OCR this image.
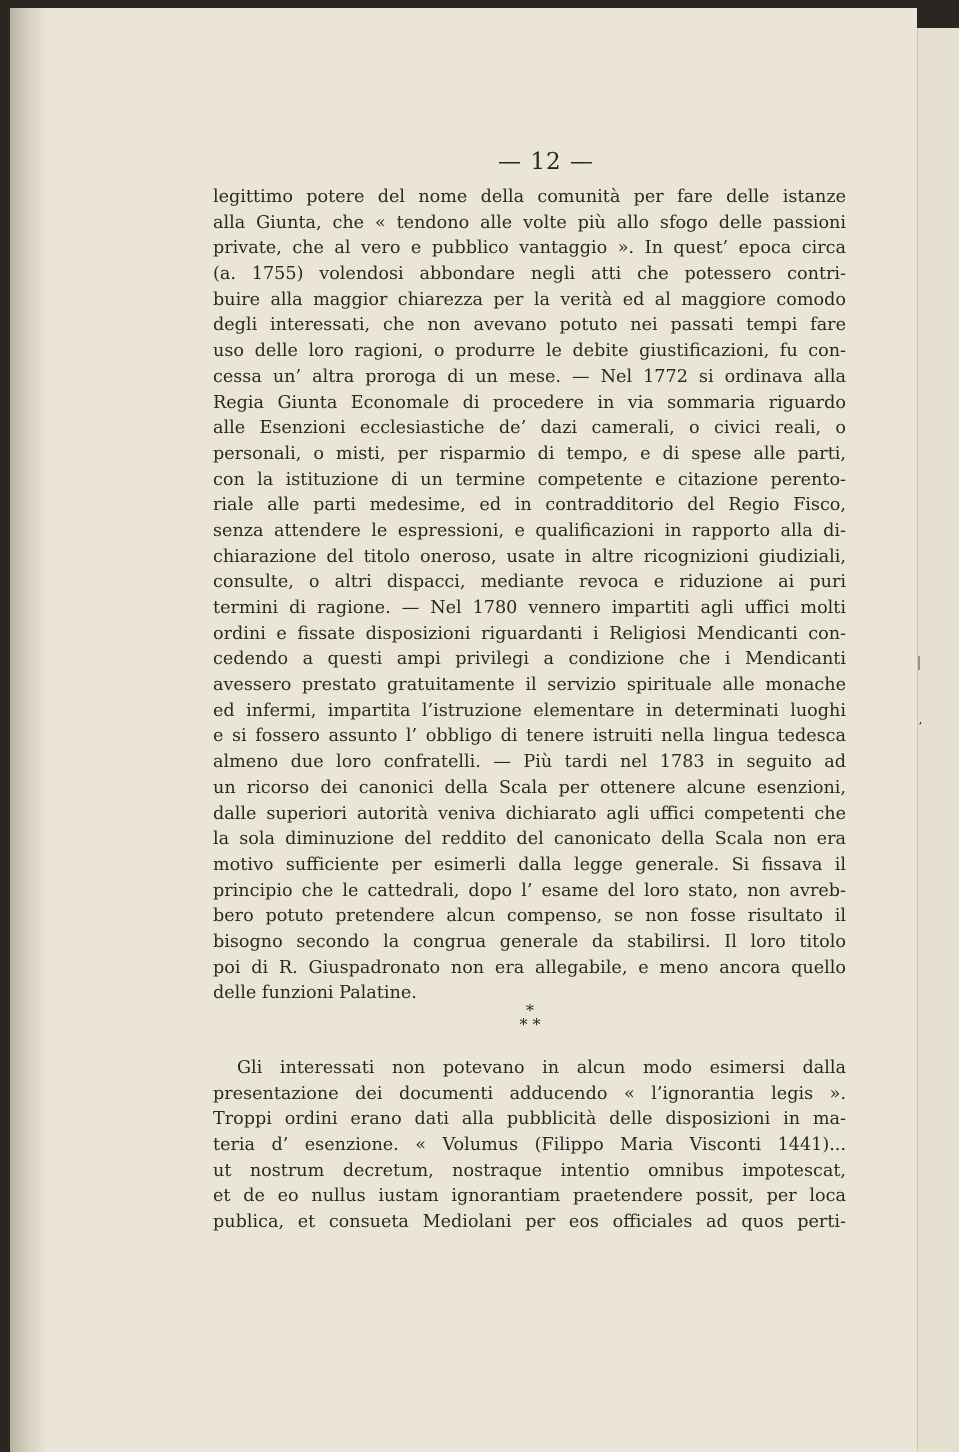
— 12 —
legittimo potere del nome della comunità per fare delle istanze
alla Giunta, che « tendono alle volte più allo sfogo delle passioni
private, che al vero e pubblico vantaggio ». In quest’ epoca circa
(a. 1755) volendosi abbondare negli atti che potessero contri-
buire alla maggior chiarezza per la verità ed al maggiore comodo
degli interessati, che non avevano potuto nei passati tempi fare
uso delle loro ragioni, o produrre le debite giustificazioni, fu con-
cessa un’ altra proroga di un mese. — Nel 1772 si ordinava alla
Regia Giunta Economale di procedere in via sommaria riguardo
alle Esenzioni ecclesiastiche de’ dazi camerali, o civici reali, o
personali, o misti, per risparmio di tempo, e di spese alle parti,
con la istituzione di un termine competente e citazione perento-
riale alle parti medesime, ed in contradditorio del Regio Fisco,
senza attendere le espressioni, e qualificazioni in rapporto alla di-
chiarazione del titolo oneroso, usate in altre ricognizioni giudiziali,
consulte, o altri dispacci, mediante revoca e riduzione ai puri
termini di ragione. — Nel 1780 vennero impartiti agli uffici molti
ordini e fissate disposizioni riguardanti i Religiosi Mendicanti con-
cedendo a questi ampi privilegi a condizione che i Mendicanti
avessero prestato gratuitamente il servizio spirituale alle monache
ed infermi, impartita l’istruzione elementare in determinati luoghi
e si fossero assunto l’ obbligo di tenere istruiti nella lingua tedesca
almeno due loro confratelli. — Più tardi nel 1783 in seguito ad
un ricorso dei canonici della Scala per ottenere alcune esenzioni,
dalle superiori autorità veniva dichiarato agli uffici competenti che
la sola diminuzione del reddito del canonicato della Scala non era
motivo sufficiente per esimerli dalla legge generale. Si fissava il
principio che le cattedrali, dopo l’ esame del loro stato, non avreb-
bero potuto pretendere alcun compenso, se non fosse risultato il
bisogno secondo la congrua generale da stabilirsi. Il loro titolo
poi di R. Giuspadronato non era allegabile, e meno ancora quello
delle funzioni Palatine.
*
* *
Gli interessati non potevano in alcun modo esimersi dalla
presentazione dei documenti adducendo « l’ignorantia legis ».
Troppi ordini erano dati alla pubblicità delle disposizioni in ma-
teria d’ esenzione. « Volumus (Filippo Maria Visconti 1441)...
ut nostrum decretum, nostraque intentio omnibus impotescat,
et de eo nullus iustam ignorantiam praetendere possit, per loca
publica, et consueta Mediolani per eos officiales ad quos perti-
ʼ
